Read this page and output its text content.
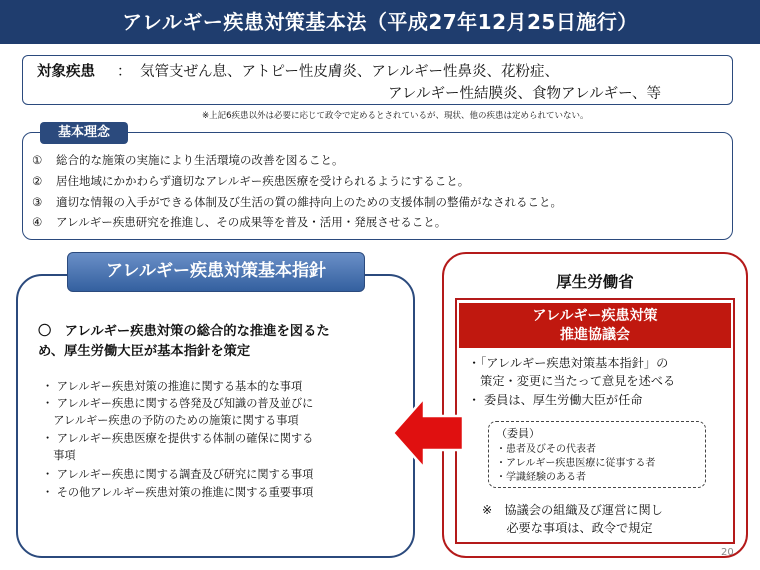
アレルギー疾患対策基本法（平成27年12月25日施行）
対象疾患 ： 気管支ぜん息、アトピー性皮膚炎、アレルギー性鼻炎、花粉症、
アレルギー性結膜炎、食物アレルギー、等
※上記6疾患以外は必要に応じて政令で定めるとされているが、現状、他の疾患は定められていない。
基本理念
① 総合的な施策の実施により生活環境の改善を図ること。
② 居住地域にかかわらず適切なアレルギー疾患医療を受けられるようにすること。
③ 適切な情報の入手ができる体制及び生活の質の維持向上のための支援体制の整備がなされること。
④ アレルギー疾患研究を推進し、その成果等を普及・活用・発展させること。
アレルギー疾患対策基本指針
〇　アレルギー疾患対策の総合的な推進を図るた
め、厚生労働大臣が基本指針を策定
・ アレルギー疾患対策の推進に関する基本的な事項
・ アレルギー疾患に関する啓発及び知識の普及並びに
　アレルギー疾患の予防のための施策に関する事項
・ アレルギー疾患医療を提供する体制の確保に関する
　事項
・ アレルギー疾患に関する調査及び研究に関する事項
・ その他アレルギー疾患対策の推進に関する重要事項
厚生労働省
アレルギー疾患対策
推進協議会
・「アレルギー疾患対策基本指針」の
　策定・変更に当たって意見を述べる
・ 委員は、厚生労働大臣が任命
（委員）
・患者及びその代表者
・アレルギー疾患医療に従事する者
・学識経験のある者
※　協議会の組織及び運営に関し
　　必要な事項は、政令で規定
20
